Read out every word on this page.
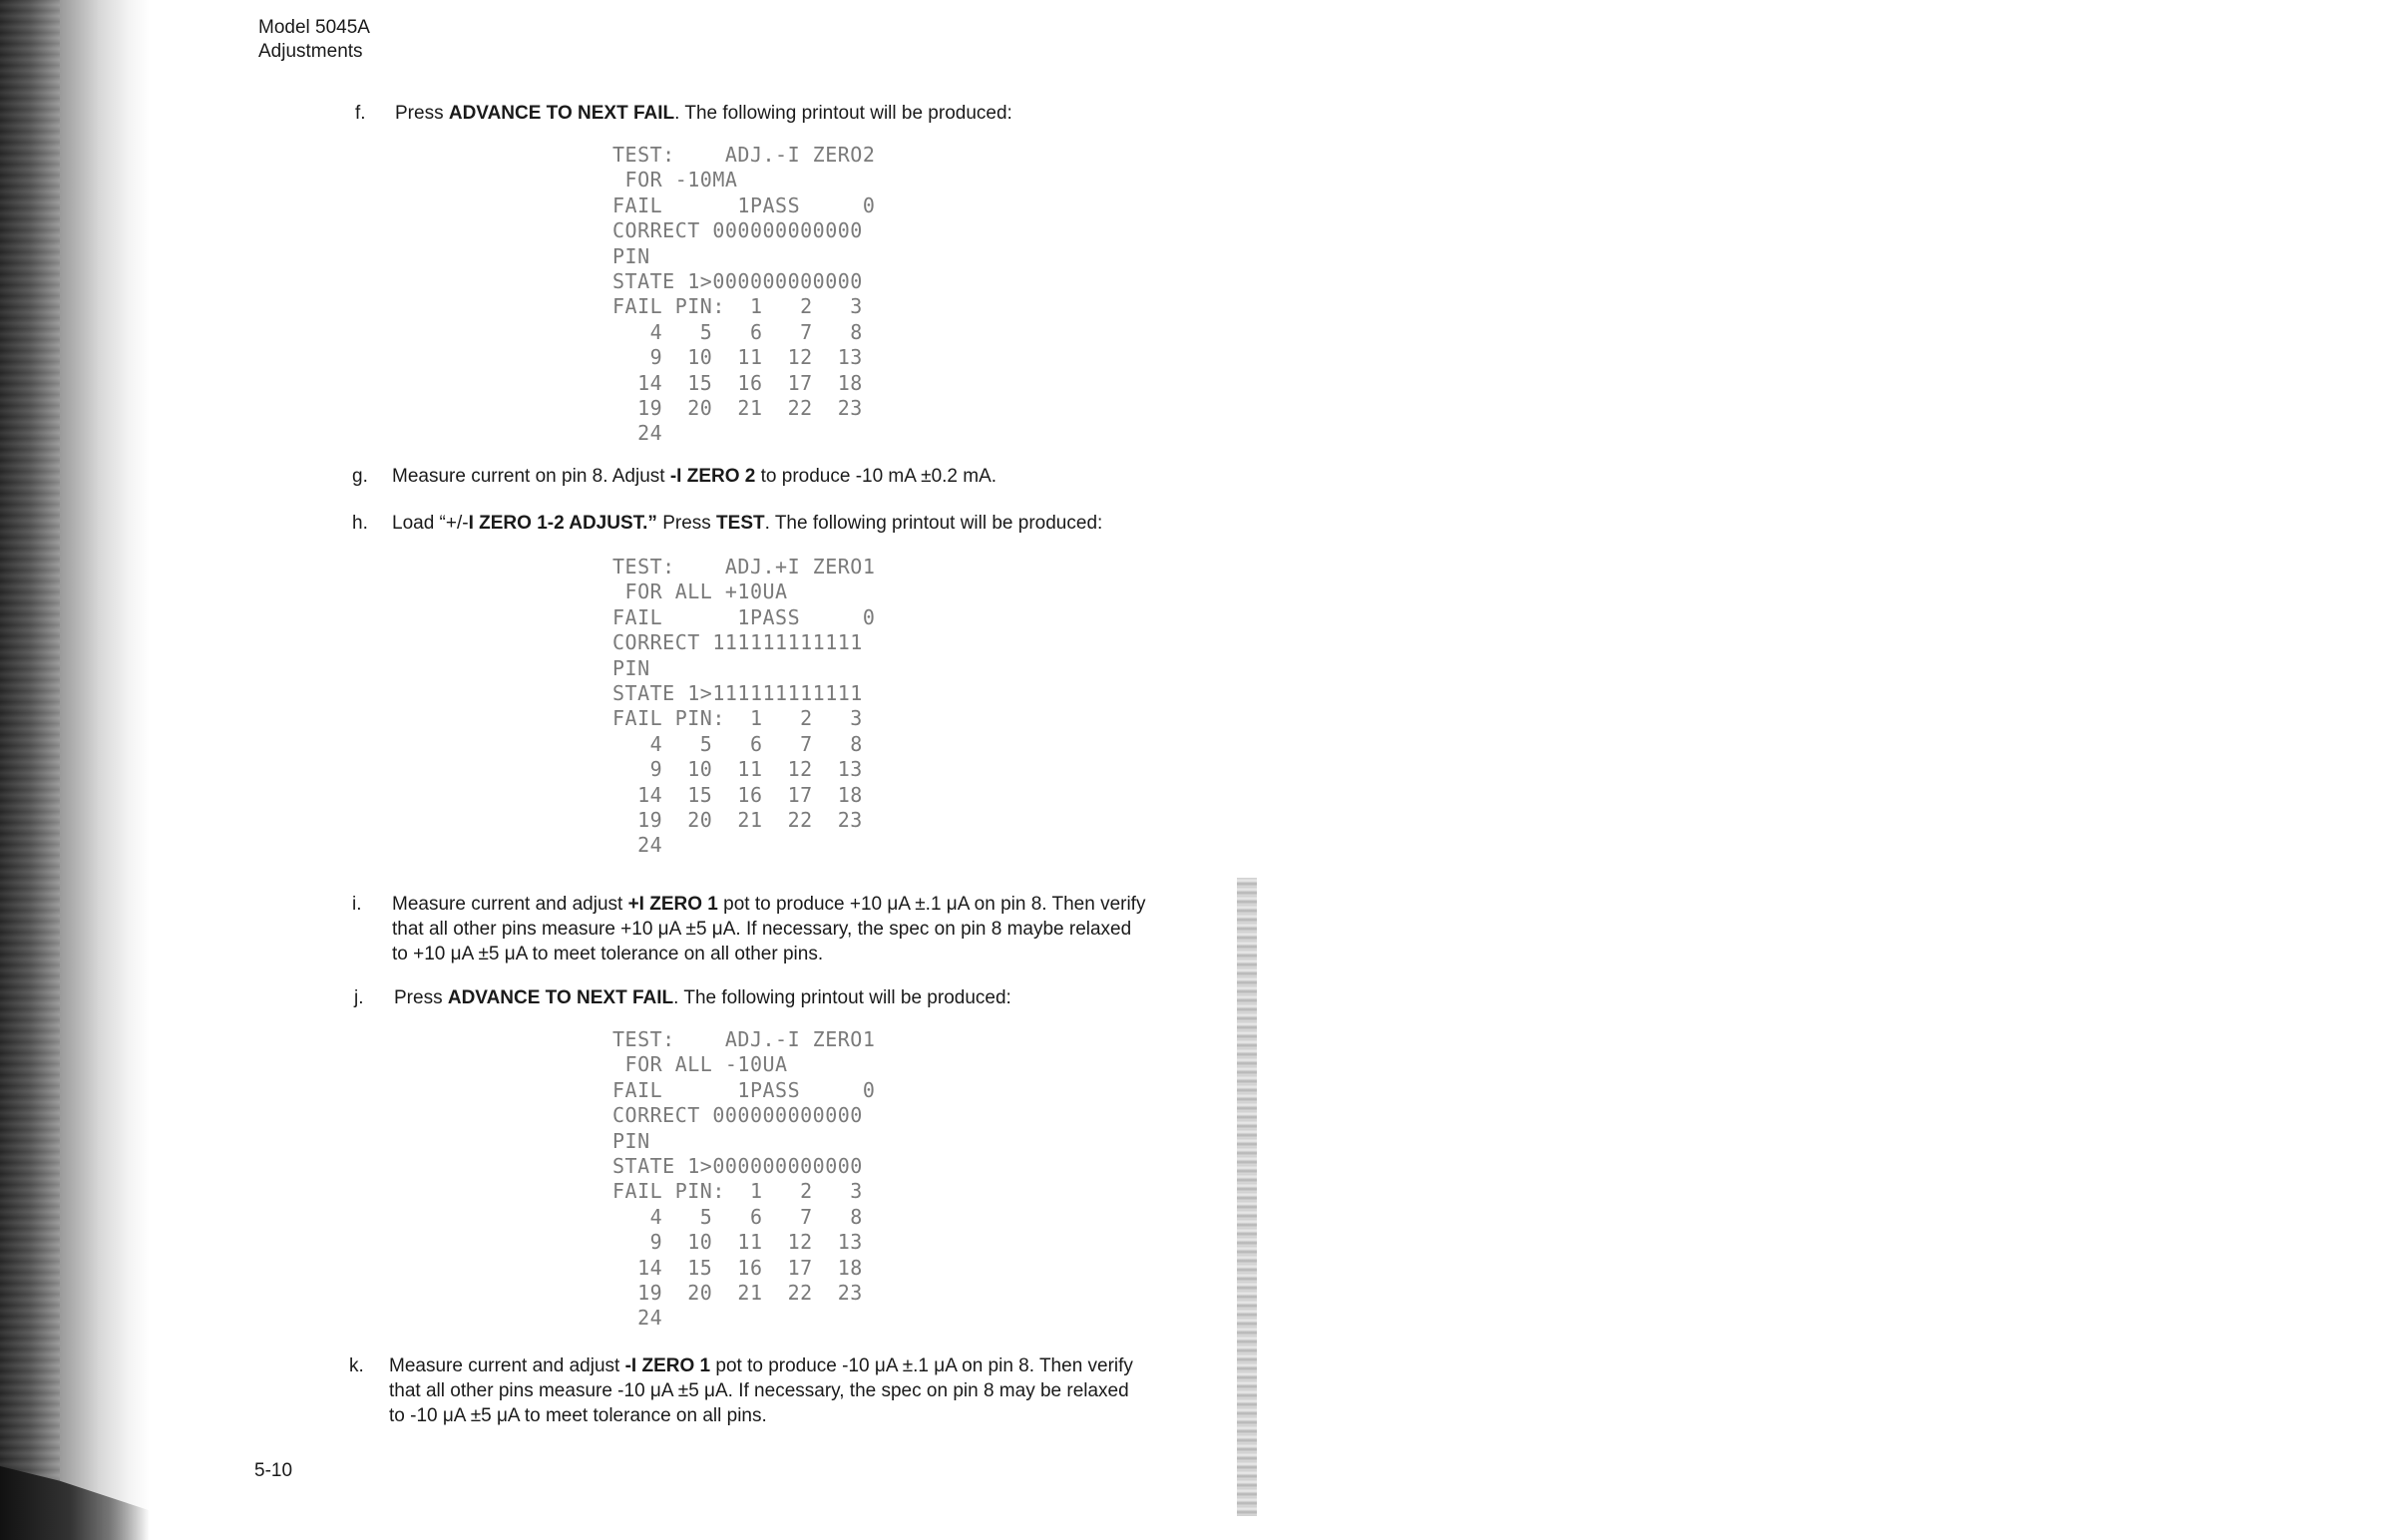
Model 5045A
Adjustments
f. Press ADVANCE TO NEXT FAIL. The following printout will be produced:
TEST:    ADJ.-I ZERO2
FOR -10MA
FAIL      1PASS     0
CORRECT 000000000000
PIN
STATE 1>000000000000
FAIL PIN:  1   2   3
4   5   6   7   8
9  10  11  12  13
14  15  16  17  18
19  20  21  22  23
24
g. Measure current on pin 8. Adjust -I ZERO 2 to produce -10 mA ±0.2 mA.
h. Load “+/-I ZERO 1-2 ADJUST.” Press TEST. The following printout will be produced:
TEST:    ADJ.+I ZERO1
FOR ALL +10UA
FAIL      1PASS     0
CORRECT 111111111111
PIN
STATE 1>111111111111
FAIL PIN:  1   2   3
4   5   6   7   8
9  10  11  12  13
14  15  16  17  18
19  20  21  22  23
24
i. Measure current and adjust +I ZERO 1 pot to produce +10 μA ±.1 μA on pin 8. Then verify
that all other pins measure +10 μA ±5 μA. If necessary, the spec on pin 8 maybe relaxed
to +10 μA ±5 μA to meet tolerance on all other pins.
j. Press ADVANCE TO NEXT FAIL. The following printout will be produced:
TEST:    ADJ.-I ZERO1
FOR ALL -10UA
FAIL      1PASS     0
CORRECT 000000000000
PIN
STATE 1>000000000000
FAIL PIN:  1   2   3
4   5   6   7   8
9  10  11  12  13
14  15  16  17  18
19  20  21  22  23
24
k. Measure current and adjust -I ZERO 1 pot to produce -10 μA ±.1 μA on pin 8. Then verify
that all other pins measure -10 μA ±5 μA. If necessary, the spec on pin 8 may be relaxed
to -10 μA ±5 μA to meet tolerance on all pins.
5-10
